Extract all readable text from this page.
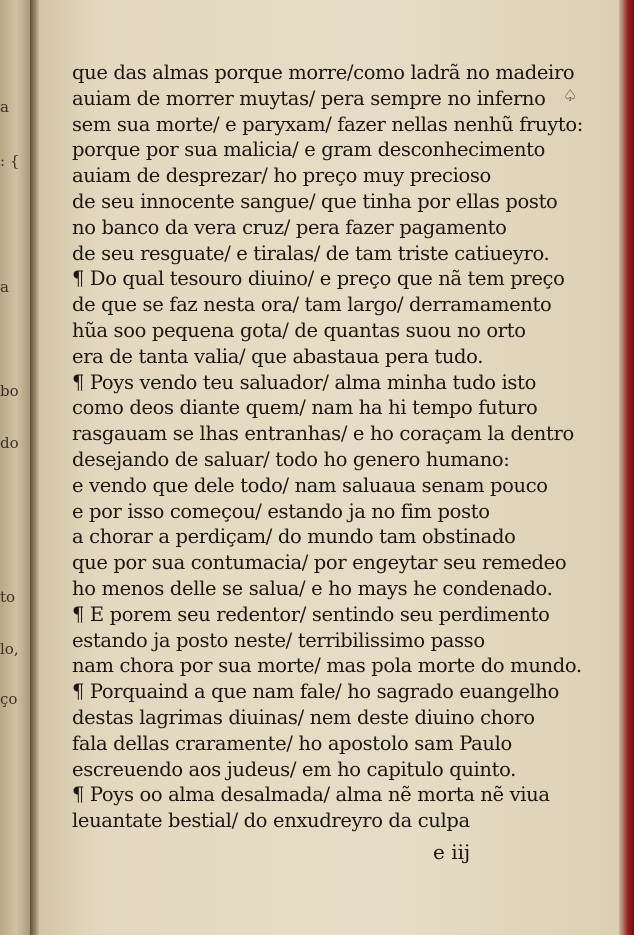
a
: {
a
bo
do
to
lo,
ço
♤
que das almas porque morre/como ladrã no madeiro
auiam de morrer muytas/ pera sempre no inferno
sem sua morte/ e paryxam/ fazer nellas nenhũ fruyto:
porque por sua malicia/ e gram desconhecimento
auiam de desprezar/ ho preço muy precioso
de seu innocente sangue/ que tinha por ellas posto
no banco da vera cruz/ pera fazer pagamento
de seu resguate/ e tiralas/ de tam triste catiueyro.
¶ Do qual tesouro diuino/ e preço que nã tem preço
de que se faz nesta ora/ tam largo/ derramamento
hũa soo pequena gota/ de quantas suou no orto
era de tanta valia/ que abastaua pera tudo.
¶ Poys vendo teu saluador/ alma minha tudo isto
como deos diante quem/ nam ha hi tempo futuro
rasgauam se lhas entranhas/ e ho coraçam la dentro
desejando de saluar/ todo ho genero humano:
e vendo que dele todo/ nam saluaua senam pouco
e por isso começou/ estando ja no fim posto
a chorar a perdiçam/ do mundo tam obstinado
que por sua contumacia/ por engeytar seu remedeo
ho menos delle se salua/ e ho mays he condenado.
¶ E porem seu redentor/ sentindo seu perdimento
estando ja posto neste/ terribilissimo passo
nam chora por sua morte/ mas pola morte do mundo.
¶ Porquaind a que nam fale/ ho sagrado euangelho
destas lagrimas diuinas/ nem deste diuino choro
fala dellas craramente/ ho apostolo sam Paulo
escreuendo aos judeus/ em ho capitulo quinto.
¶ Poys oo alma desalmada/ alma nẽ morta nẽ viua
leuantate bestial/ do enxudreyro da culpa
e iij
